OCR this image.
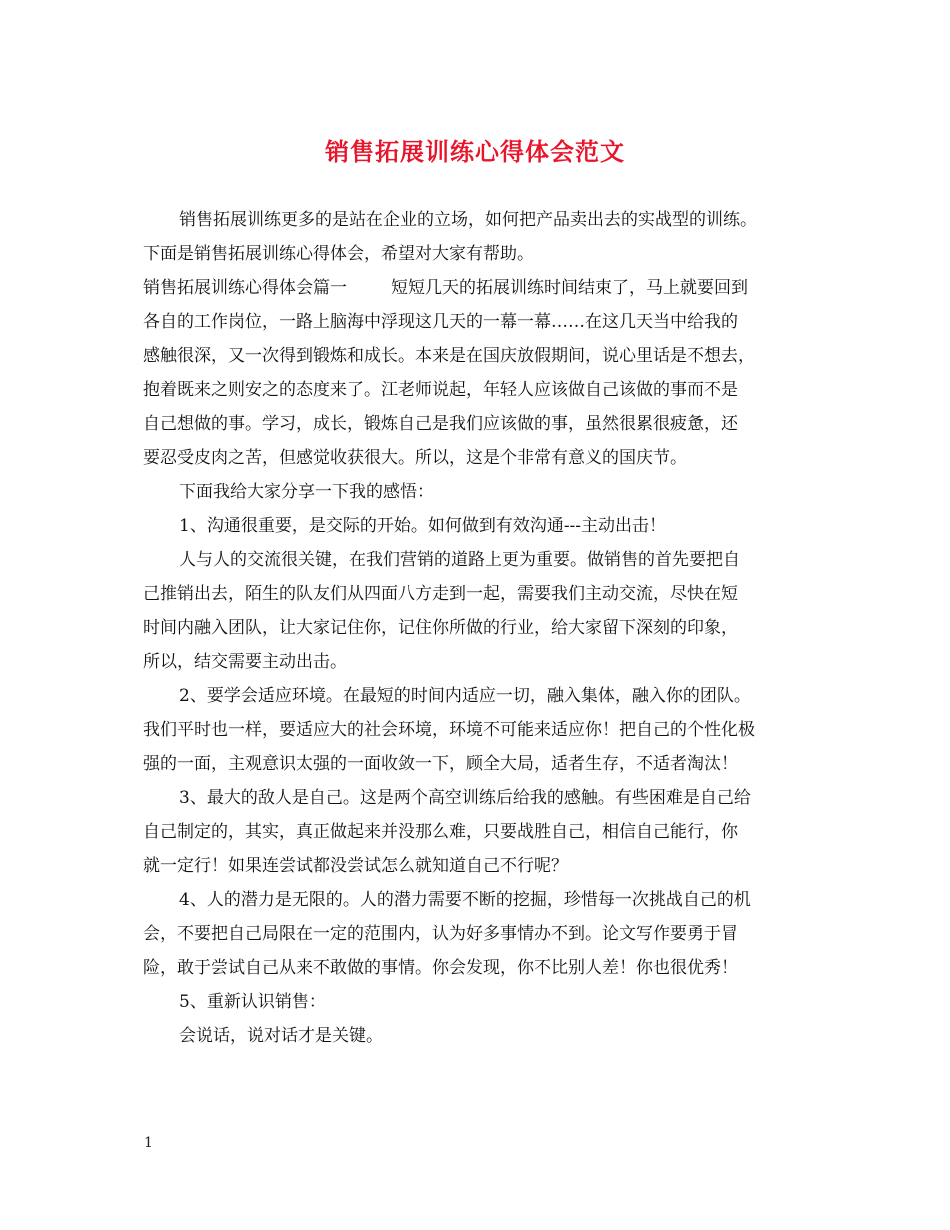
销售拓展训练心得体会范文
销售拓展训练更多的是站在企业的立场，如何把产品卖出去的实战型的训练。
下面是销售拓展训练心得体会，希望对大家有帮助。
销售拓展训练心得体会篇一	短短几天的拓展训练时间结束了，马上就要回到
各自的工作岗位，一路上脑海中浮现这几天的一幕一幕……在这几天当中给我的
感触很深，又一次得到锻炼和成长。本来是在国庆放假期间，说心里话是不想去，
抱着既来之则安之的态度来了。江老师说起，年轻人应该做自己该做的事而不是
自己想做的事。学习，成长，锻炼自己是我们应该做的事，虽然很累很疲惫，还
要忍受皮肉之苦，但感觉收获很大。所以，这是个非常有意义的国庆节。
下面我给大家分享一下我的感悟：
1、沟通很重要，是交际的开始。如何做到有效沟通---主动出击！
人与人的交流很关键，在我们营销的道路上更为重要。做销售的首先要把自
己推销出去，陌生的队友们从四面八方走到一起，需要我们主动交流，尽快在短
时间内融入团队，让大家记住你，记住你所做的行业，给大家留下深刻的印象，
所以，结交需要主动出击。
2、要学会适应环境。在最短的时间内适应一切，融入集体，融入你的团队。
我们平时也一样，要适应大的社会环境，环境不可能来适应你！把自己的个性化极
强的一面，主观意识太强的一面收敛一下，顾全大局，适者生存，不适者淘汰！
3、最大的敌人是自己。这是两个高空训练后给我的感触。有些困难是自己给
自己制定的，其实，真正做起来并没那么难，只要战胜自己，相信自己能行，你
就一定行！如果连尝试都没尝试怎么就知道自己不行呢？
4、人的潜力是无限的。人的潜力需要不断的挖掘，珍惜每一次挑战自己的机
会，不要把自己局限在一定的范围内，认为好多事情办不到。论文写作要勇于冒
险，敢于尝试自己从来不敢做的事情。你会发现，你不比别人差！你也很优秀！
5、重新认识销售：
会说话，说对话才是关键。
1
